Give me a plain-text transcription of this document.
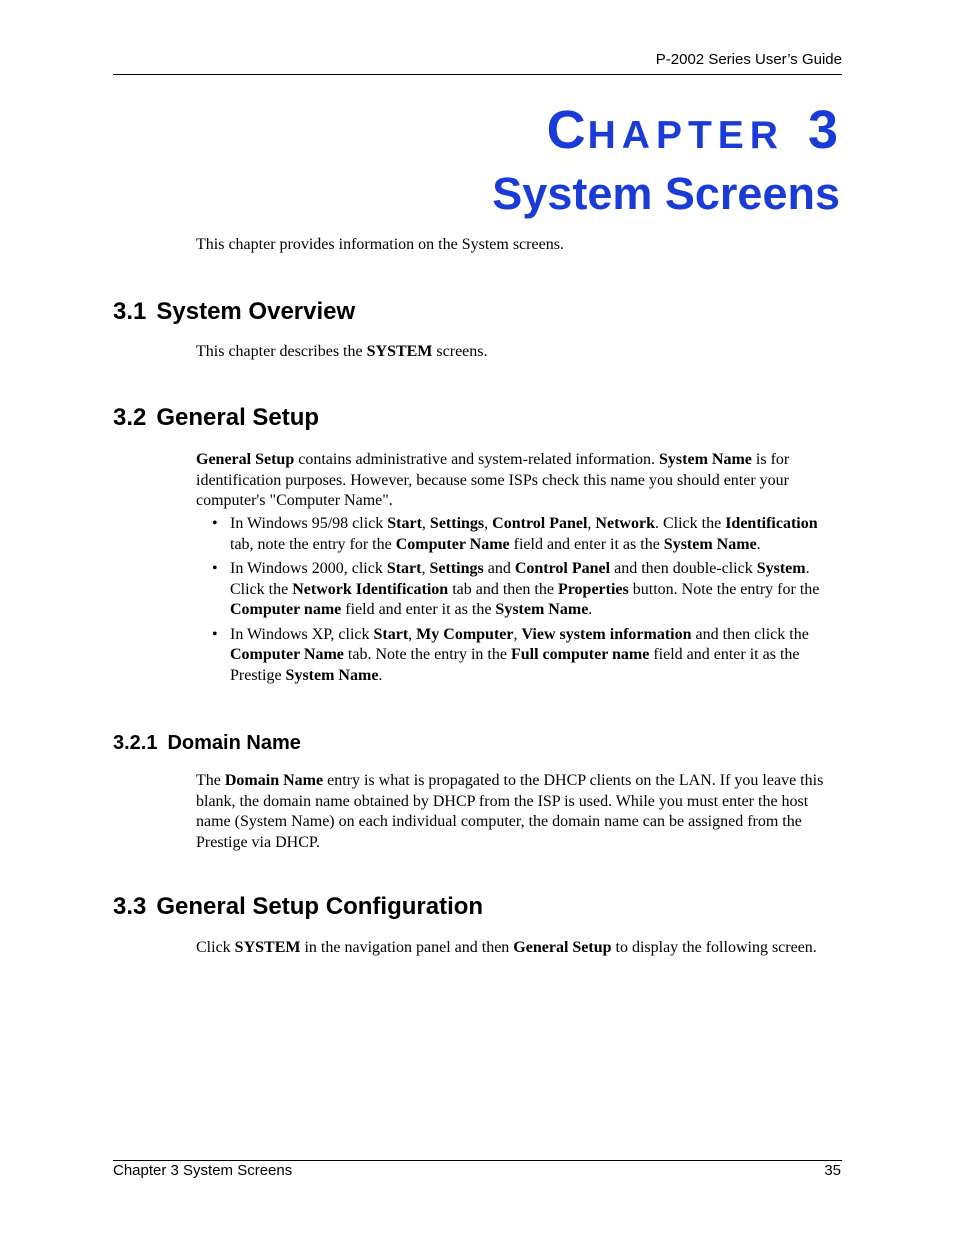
P-2002 Series User’s Guide
CHAPTER 3
System Screens
This chapter provides information on the System screens.
3.1 System Overview
This chapter describes the SYSTEM screens.
3.2 General Setup
General Setup contains administrative and system-related information. System Name is for identification purposes. However, because some ISPs check this name you should enter your computer's "Computer Name".
• In Windows 95/98 click Start, Settings, Control Panel, Network. Click the Identification tab, note the entry for the Computer Name field and enter it as the System Name.
• In Windows 2000, click Start, Settings and Control Panel and then double-click System. Click the Network Identification tab and then the Properties button. Note the entry for the Computer name field and enter it as the System Name.
• In Windows XP, click Start, My Computer, View system information and then click the Computer Name tab. Note the entry in the Full computer name field and enter it as the Prestige System Name.
3.2.1 Domain Name
The Domain Name entry is what is propagated to the DHCP clients on the LAN. If you leave this blank, the domain name obtained by DHCP from the ISP is used. While you must enter the host name (System Name) on each individual computer, the domain name can be assigned from the Prestige via DHCP.
3.3 General Setup Configuration
Click SYSTEM in the navigation panel and then General Setup to display the following screen.
Chapter 3 System Screens	35
